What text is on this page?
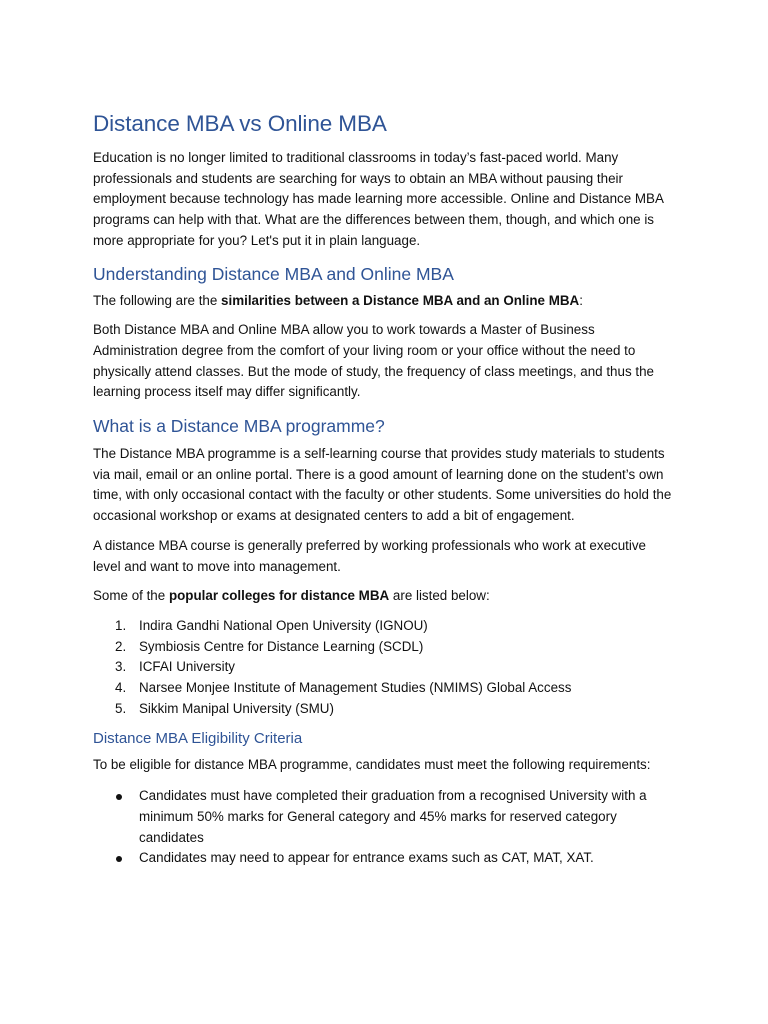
Distance MBA vs Online MBA

Education is no longer limited to traditional classrooms in today’s fast-paced world. Many professionals and students are searching for ways to obtain an MBA without pausing their employment because technology has made learning more accessible. Online and Distance MBA programs can help with that. What are the differences between them, though, and which one is more appropriate for you? Let's put it in plain language.

Understanding Distance MBA and Online MBA

The following are the similarities between a Distance MBA and an Online MBA:

Both Distance MBA and Online MBA allow you to work towards a Master of Business Administration degree from the comfort of your living room or your office without the need to physically attend classes. But the mode of study, the frequency of class meetings, and thus the learning process itself may differ significantly.

What is a Distance MBA programme?

The Distance MBA programme is a self-learning course that provides study materials to students via mail, email or an online portal. There is a good amount of learning done on the student’s own time, with only occasional contact with the faculty or other students. Some universities do hold the occasional workshop or exams at designated centers to add a bit of engagement.

A distance MBA course is generally preferred by working professionals who work at executive level and want to move into management.

Some of the popular colleges for distance MBA are listed below:

1. Indira Gandhi National Open University (IGNOU)
2. Symbiosis Centre for Distance Learning (SCDL)
3. ICFAI University
4. Narsee Monjee Institute of Management Studies (NMIMS) Global Access
5. Sikkim Manipal University (SMU)
Distance MBA Eligibility Criteria

To be eligible for distance MBA programme, candidates must meet the following requirements:

Candidates must have completed their graduation from a recognised University with a minimum 50% marks for General category and 45% marks for reserved category candidates
Candidates may need to appear for entrance exams such as CAT, MAT, XAT.
